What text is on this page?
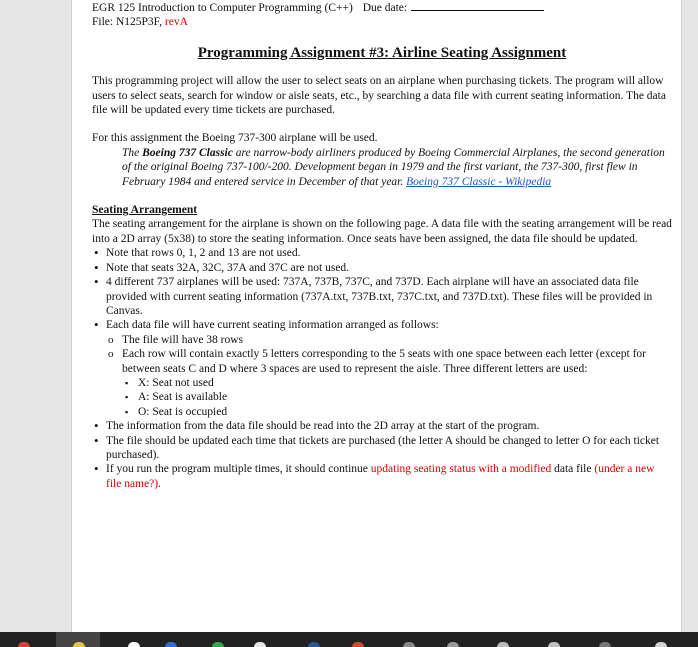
EGR 125 Introduction to Computer Programming (C++) Due date:
File: N125P3F, revA
Programming Assignment #3: Airline Seating Assignment

This programming project will allow the user to select seats on an airplane when purchasing tickets. The program will allow users to select seats, search for window or aisle seats, etc., by searching a data file with current seating information. The data file will be updated every time tickets are purchased.

For this assignment the Boeing 737-300 airplane will be used.

The Boeing 737 Classic are narrow-body airliners produced by Boeing Commercial Airplanes, the second generation of the original Boeing 737-100/-200. Development began in 1979 and the first variant, the 737-300, first flew in February 1984 and entered service in December of that year. Boeing 737 Classic - Wikipedia

Seating Arrangement

The seating arrangement for the airplane is shown on the following page. A data file with the seating arrangement will be read into a 2D array (5x38) to store the seating information. Once seats have been assigned, the data file should be updated.

• Note that rows 0, 1, 2 and 13 are not used.
• Note that seats 32A, 32C, 37A and 37C are not used.
• 4 different 737 airplanes will be used: 737A, 737B, 737C, and 737D. Each airplane will have an associated data file provided with current seating information (737A.txt, 737B.txt, 737C.txt, and 737D.txt). These files will be provided in Canvas.
• Each data file will have current seating information arranged as follows:
o The file will have 38 rows
o Each row will contain exactly 5 letters corresponding to the 5 seats with one space between each letter (except for between seats C and D where 3 spaces are used to represent the aisle. Three different letters are used:
▪ X: Seat not used
▪ A: Seat is available
▪ O: Seat is occupied
• The information from the data file should be read into the 2D array at the start of the program.
• The file should be updated each time that tickets are purchased (the letter A should be changed to letter O for each ticket purchased).
• If you run the program multiple times, it should continue updating seating status with a modified data file (under a new file name?).
